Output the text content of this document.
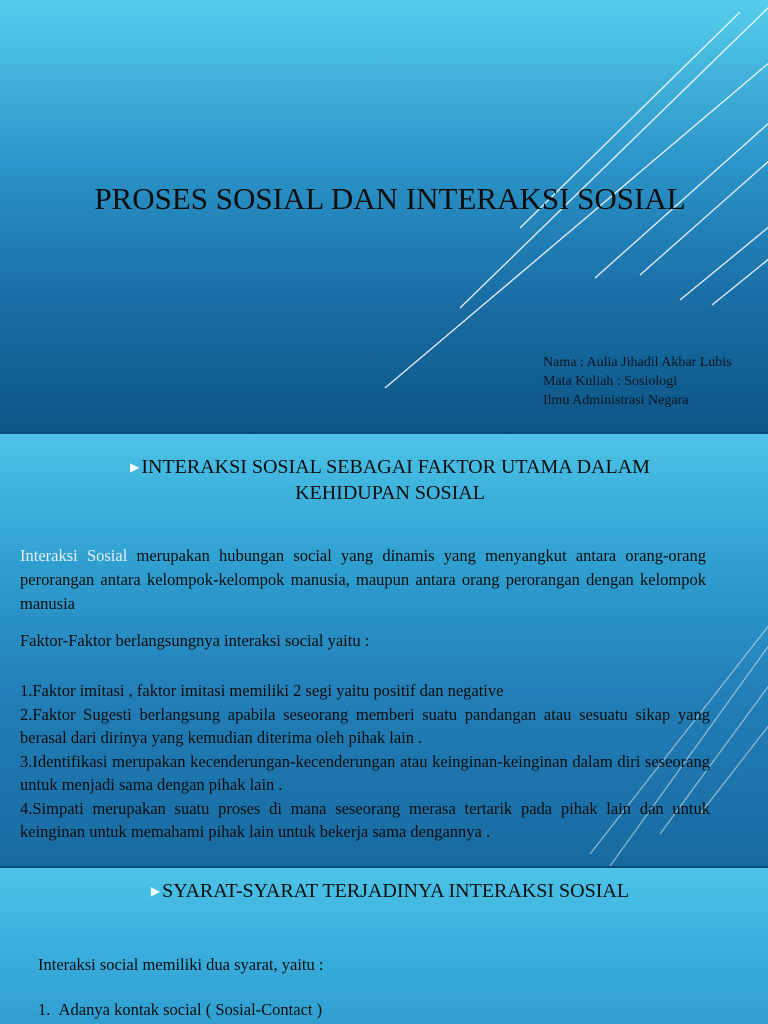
PROSES SOSIAL DAN INTERAKSI SOSIAL
Nama : Aulia Jihadil Akbar Lubis
Mata Kuliah : Sosiologi
Ilmu Administrasi Negara
▶ INTERAKSI SOSIAL SEBAGAI FAKTOR UTAMA DALAM KEHIDUPAN SOSIAL
Interaksi Sosial merupakan hubungan social yang dinamis yang menyangkut antara orang-orang perorangan antara kelompok-kelompok manusia, maupun antara orang perorangan dengan kelompok manusia
Faktor-Faktor berlangsungnya interaksi social yaitu :
1.Faktor imitasi , faktor imitasi memiliki 2 segi yaitu positif dan negative
2.Faktor Sugesti berlangsung apabila seseorang memberi suatu pandangan atau sesuatu sikap yang berasal dari dirinya yang kemudian diterima oleh pihak lain .
3.Identifikasi merupakan kecenderungan-kecenderungan atau keinginan-keinginan dalam diri seseorang untuk menjadi sama dengan pihak lain .
4.Simpati merupakan suatu proses di mana seseorang merasa tertarik pada pihak lain dan untuk keinginan untuk memahami pihak lain untuk bekerja sama dengannya .
▶ SYARAT-SYARAT TERJADINYA INTERAKSI SOSIAL
Interaksi social memiliki dua syarat, yaitu :
1.  Adanya kontak social ( Sosial-Contact )
